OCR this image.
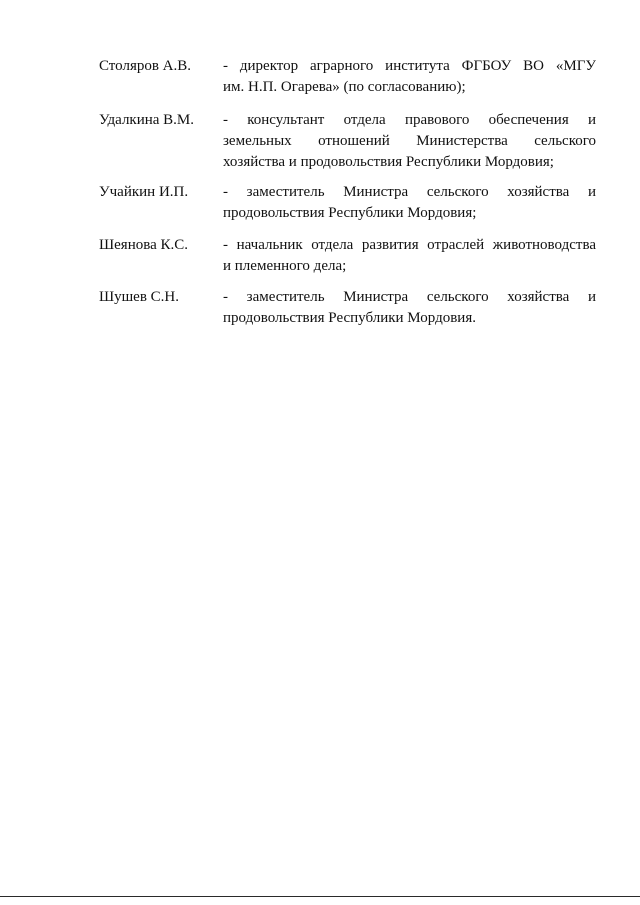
Столяров А.В. - директор аграрного института ФГБОУ ВО «МГУ
им. Н.П. Огарева» (по согласованию);
Удалкина В.М. - консультант отдела правового обеспечения и
земельных отношений Министерства сельского
хозяйства и продовольствия Республики Мордовия;
Учайкин И.П. - заместитель Министра сельского хозяйства и
продовольствия Республики Мордовия;
Шеянова К.С. - начальник отдела развития отраслей животноводства
и племенного дела;
Шушев С.Н.	- заместитель Министра сельского хозяйства и
продовольствия Республики Мордовия.
